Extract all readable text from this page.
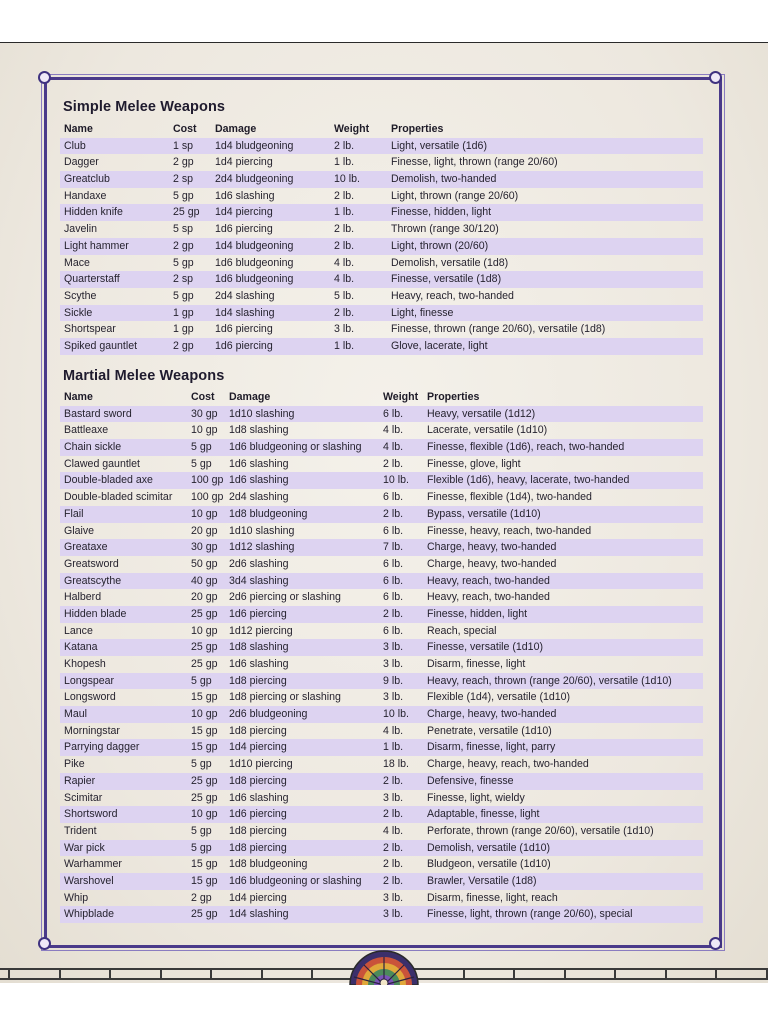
Simple Melee Weapons
Name	Cost Damage	Weight Properties
Club	1 sp 1d4 bludgeoning	2 lb.	Light, versatile (1d6)
Dagger	2 gp 1d4 piercing	1 lb.	Finesse, light, thrown (range 20/60)
Greatclub	2 sp 2d4 bludgeoning	10 lb.	Demolish, two-handed
Handaxe	5 gp 1d6 slashing	2 lb.	Light, thrown (range 20/60)
Hidden knife	25 gp 1d4 piercing	1 lb.	Finesse, hidden, light
Javelin	5 sp 1d6 piercing	2 lb.	Thrown (range 30/120)
Light hammer	2 gp 1d4 bludgeoning	2 lb.	Light, thrown (20/60)
Mace	5 gp 1d6 bludgeoning	4 lb.	Demolish, versatile (1d8)
Quarterstaff	2 sp 1d6 bludgeoning	4 lb.	Finesse, versatile (1d8)
Scythe	5 gp 2d4 slashing	5 lb.	Heavy, reach, two-handed
Sickle	1 gp 1d4 slashing	2 lb.	Light, finesse
Shortspear	1 gp 1d6 piercing	3 lb.	Finesse, thrown (range 20/60), versatile (1d8)
Spiked gauntlet	2 gp 1d6 piercing	1 lb.	Glove, lacerate, light
Martial Melee Weapons
Name	Cost Damage	Weight Properties
Bastard sword	30 gp 1d10 slashing	6 lb. Heavy, versatile (1d12)
Battleaxe	10 gp 1d8 slashing	4 lb. Lacerate, versatile (1d10)
Chain sickle	5 gp 1d6 bludgeoning or slashing 4 lb. Finesse, flexible (1d6), reach, two-handed
Clawed gauntlet	5 gp 1d6 slashing	2 lb. Finesse, glove, light
Double-bladed axe	100 gp 1d6 slashing	10 lb. Flexible (1d6), heavy, lacerate, two-handed
Double-bladed scimitar 100 gp 2d4 slashing	6 lb. Finesse, flexible (1d4), two-handed
Flail	10 gp 1d8 bludgeoning	2 lb. Bypass, versatile (1d10)
Glaive	20 gp 1d10 slashing	6 lb. Finesse, heavy, reach, two-handed
Greataxe	30 gp 1d12 slashing	7 lb. Charge, heavy, two-handed
Greatsword	50 gp 2d6 slashing	6 lb. Charge, heavy, two-handed
Greatscythe	40 gp 3d4 slashing	6 lb. Heavy, reach, two-handed
Halberd	20 gp 2d6 piercing or slashing	6 lb. Heavy, reach, two-handed
Hidden blade	25 gp 1d6 piercing	2 lb. Finesse, hidden, light
Lance	10 gp 1d12 piercing	6 lb. Reach, special
Katana	25 gp 1d8 slashing	3 lb. Finesse, versatile (1d10)
Khopesh	25 gp 1d6 slashing	3 lb. Disarm, finesse, light
Longspear	5 gp 1d8 piercing	9 lb. Heavy, reach, thrown (range 20/60), versatile (1d10)
Longsword	15 gp 1d8 piercing or slashing	3 lb. Flexible (1d4), versatile (1d10)
Maul	10 gp 2d6 bludgeoning	10 lb. Charge, heavy, two-handed
Morningstar	15 gp 1d8 piercing	4 lb. Penetrate, versatile (1d10)
Parrying dagger	15 gp 1d4 piercing	1 lb. Disarm, finesse, light, parry
Pike	5 gp 1d10 piercing	18 lb. Charge, heavy, reach, two-handed
Rapier	25 gp 1d8 piercing	2 lb. Defensive, finesse
Scimitar	25 gp 1d6 slashing	3 lb. Finesse, light, wieldy
Shortsword	10 gp 1d6 piercing	2 lb. Adaptable, finesse, light
Trident	5 gp 1d8 piercing	4 lb. Perforate, thrown (range 20/60), versatile (1d10)
War pick	5 gp 1d8 piercing	2 lb. Demolish, versatile (1d10)
Warhammer	15 gp 1d8 bludgeoning	2 lb. Bludgeon, versatile (1d10)
Warshovel	15 gp 1d6 bludgeoning or slashing 2 lb. Brawler, Versatile (1d8)
Whip	2 gp 1d4 piercing	3 lb. Disarm, finesse, light, reach
Whipblade	25 gp 1d4 slashing	3 lb. Finesse, light, thrown (range 20/60), special
